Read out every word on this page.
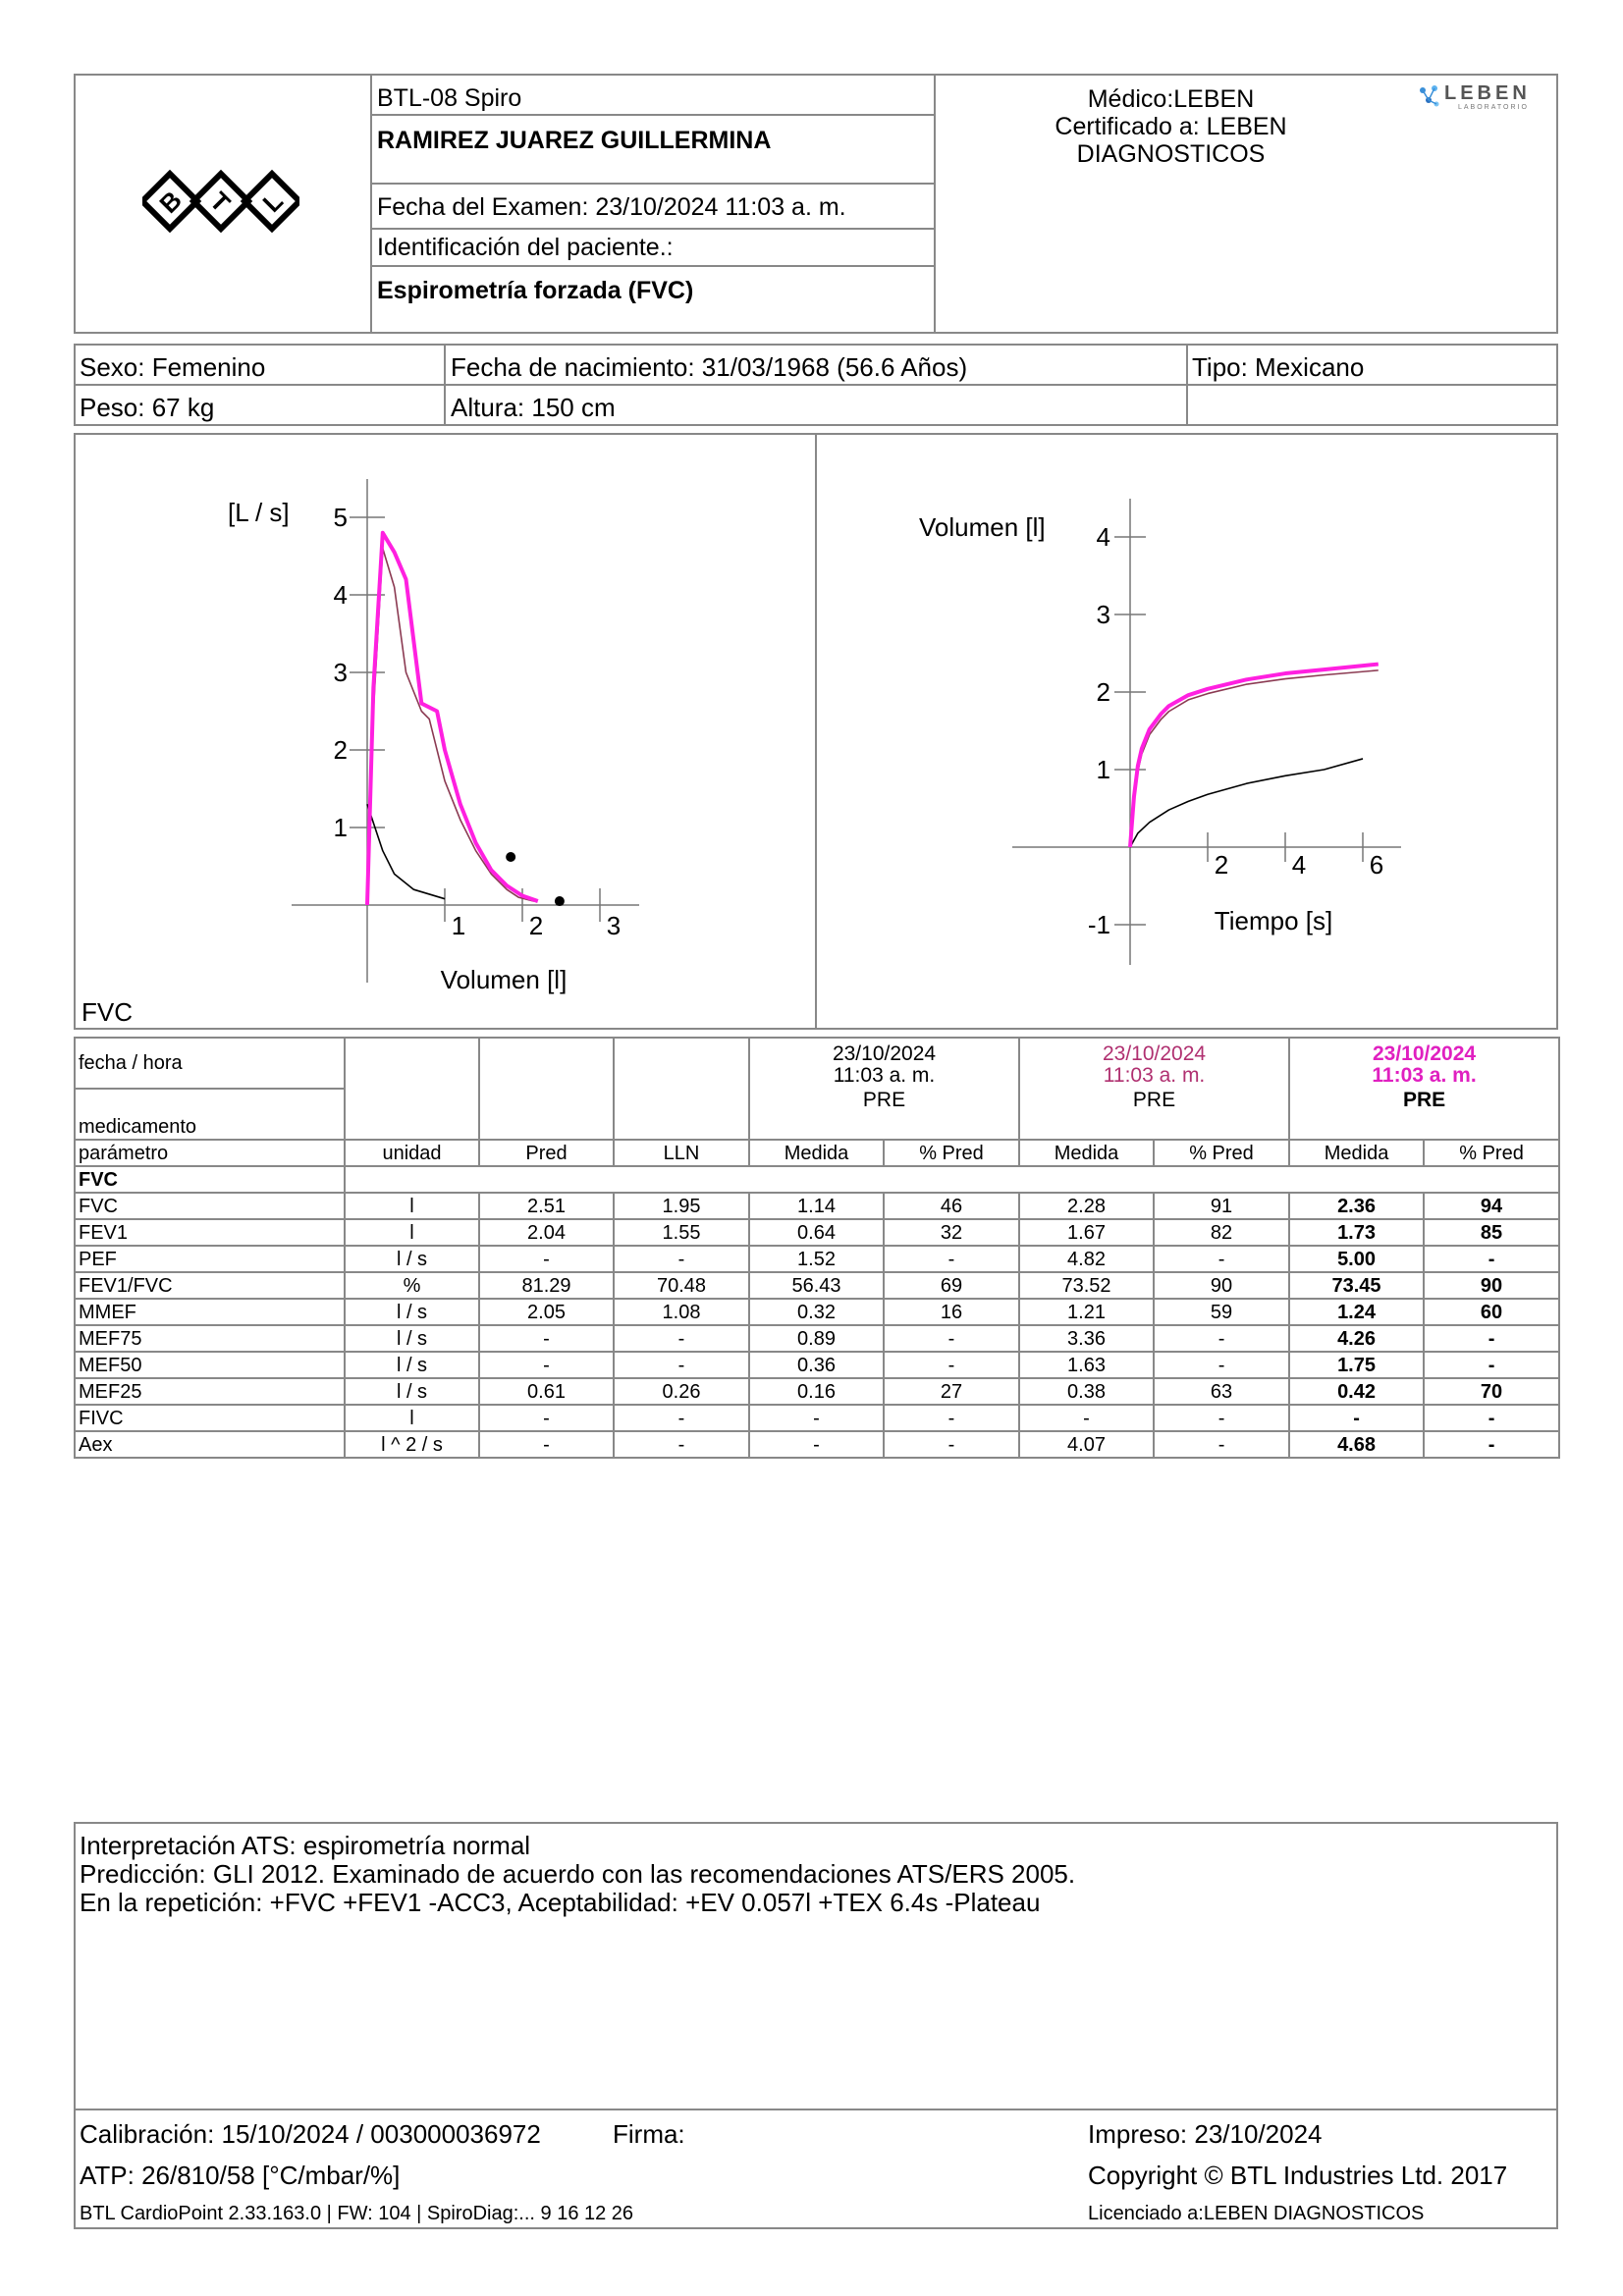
B T L
BTL-08 Spiro
RAMIREZ JUAREZ GUILLERMINA
Fecha del Examen: 23/10/2024 11:03 a. m.
Identificación del paciente.:
Espirometría forzada (FVC)
Médico:LEBEN
Certificado a: LEBEN
DIAGNOSTICOS
LEBEN
LABORATORIO
Sexo: Femenino	Fecha de nacimiento: 31/03/1968 (56.6 Años)	Tipo: Mexicano
Peso: 67 kg	Altura: 150 cm
1 2 3
1
2
3
4
5
[L / s]
Volumen [l]
FVC
2 4 6
-1
1
2
3
4
Volumen [l]
Tiempo [s]
fecha / hora				23/10/2024
11:03 a. m.
PRE		23/10/2024
11:03 a. m.
PRE		23/10/2024
11:03 a. m.
PRE	

medicamento									
parámetro	unidad	Pred	LLN	Medida	% Pred	Medida	% Pred	Medida	% Pred
FVC									
FVC	l	2.51	1.95	1.14	46	2.28	91	2.36	94
FEV1	l	2.04	1.55	0.64	32	1.67	82	1.73	85
PEF	l / s	-	-	1.52	-	4.82	-	5.00	-
FEV1/FVC	%	81.29	70.48	56.43	69	73.52	90	73.45	90
MMEF	l / s	2.05	1.08	0.32	16	1.21	59	1.24	60
MEF75	l / s	-	-	0.89	-	3.36	-	4.26	-
MEF50	l / s	-	-	0.36	-	1.63	-	1.75	-
MEF25	l / s	0.61	0.26	0.16	27	0.38	63	0.42	70
FIVC	l	-	-	-	-	-	-	-	-
Aex	l ^ 2 / s	-	-	-	-	4.07	-	4.68	-
Interpretación ATS: espirometría normal
Predicción: GLI 2012. Examinado de acuerdo con las recomendaciones ATS/ERS 2005.
En la repetición: +FVC +FEV1 -ACC3, Aceptabilidad: +EV 0.057l +TEX 6.4s -Plateau
Calibración: 15/10/2024 / 003000036972	Firma:	Impreso: 23/10/2024
ATP: 26/810/58 [°C/mbar/%]	Copyright © BTL Industries Ltd. 2017
BTL CardioPoint 2.33.163.0 | FW: 104 | SpiroDiag:... 9 16 12 26	Licenciado a:LEBEN DIAGNOSTICOS
